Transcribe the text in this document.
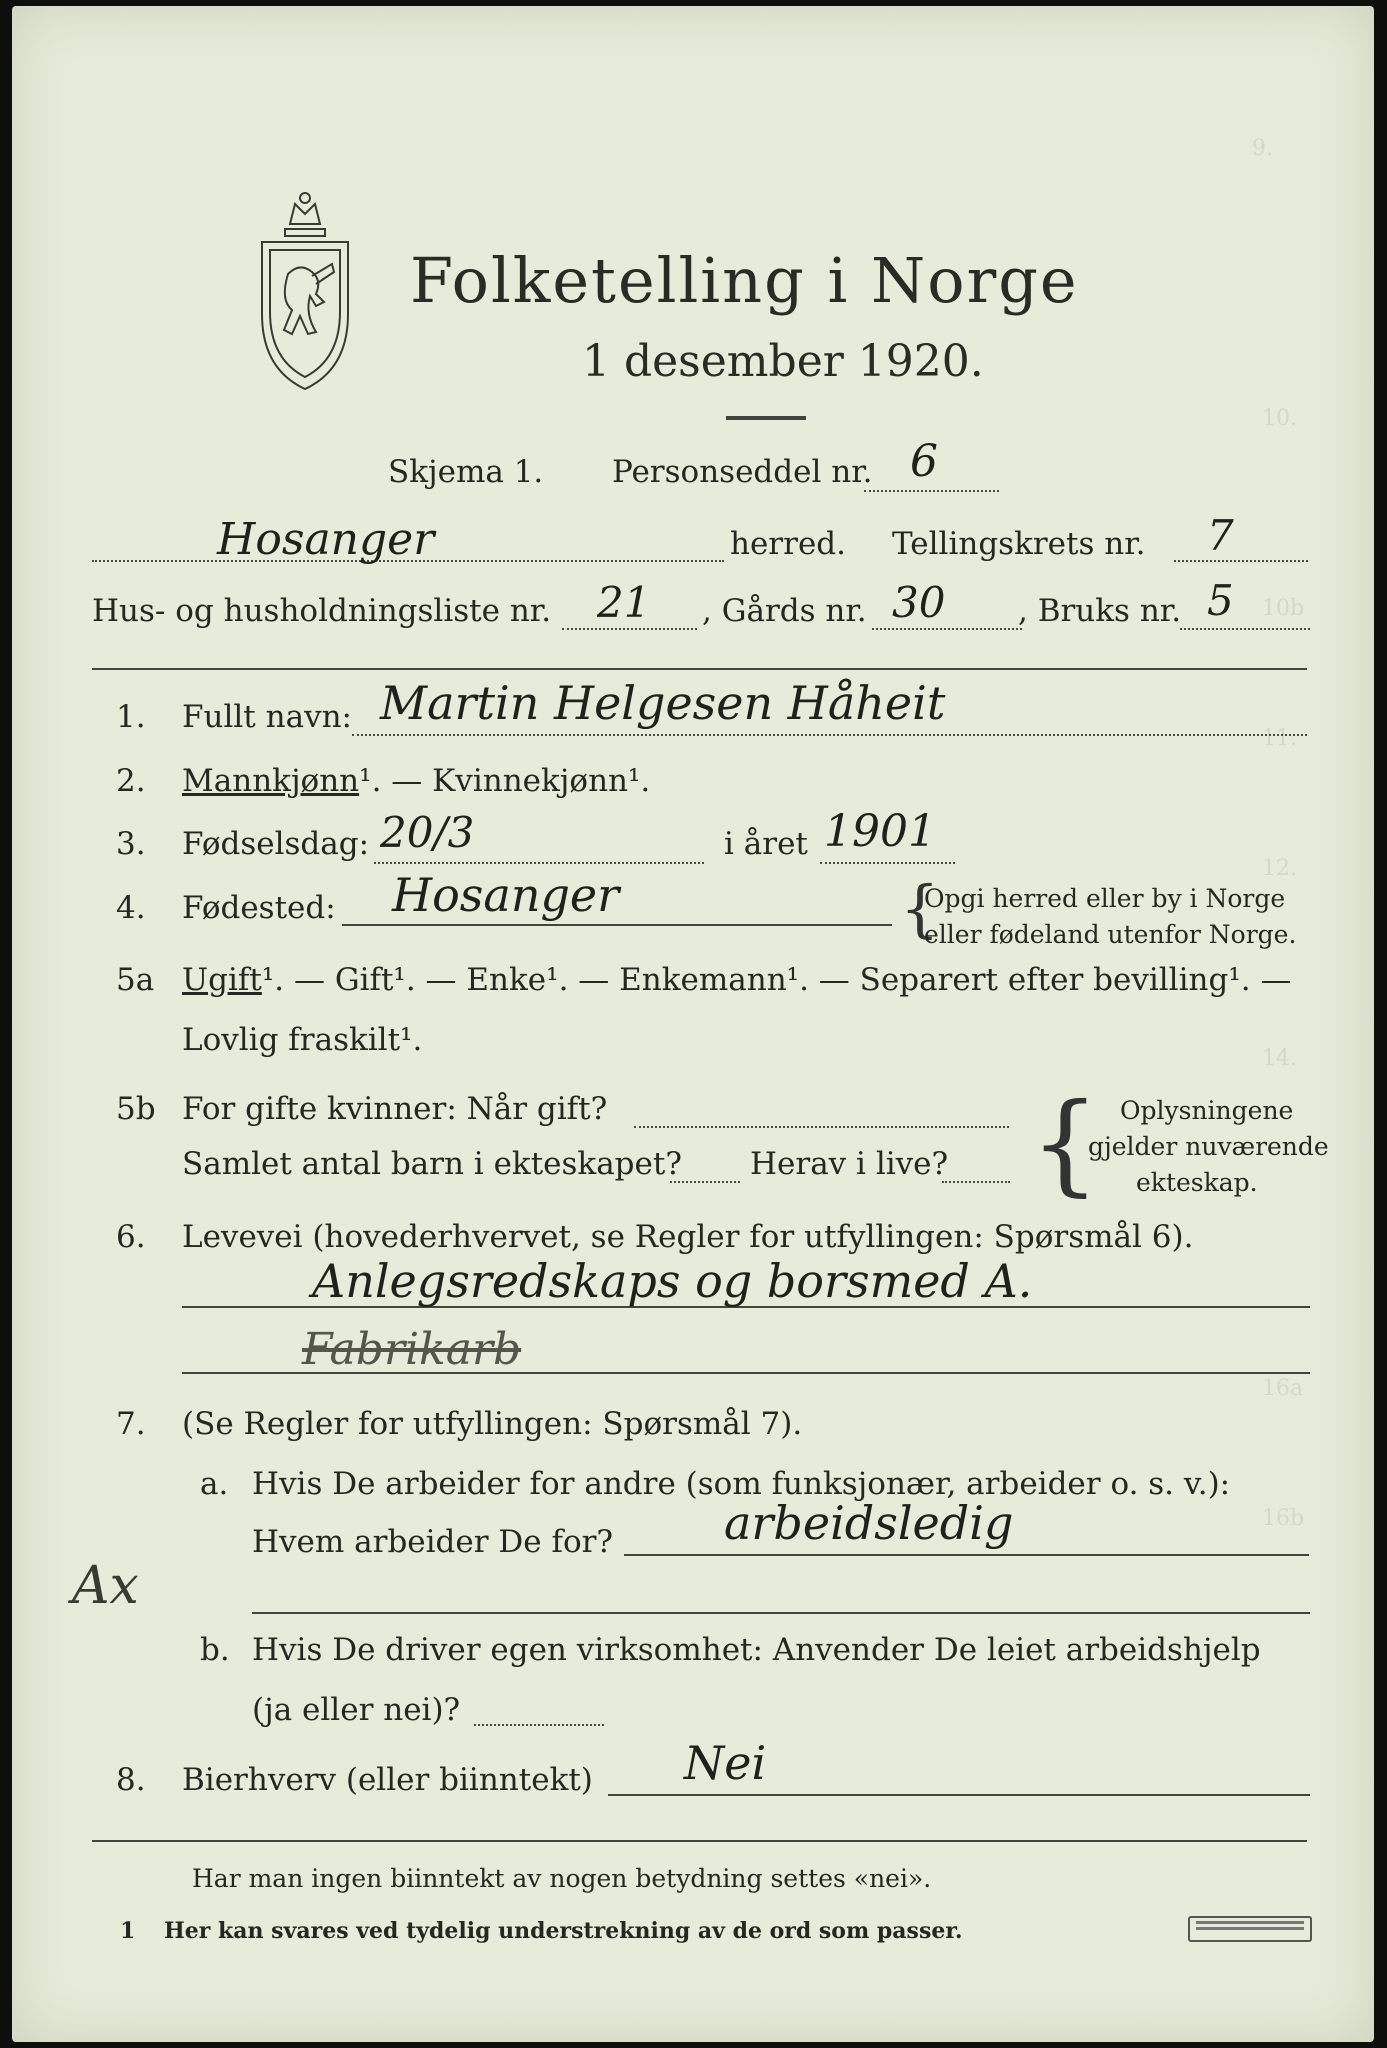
9.

10.
10b
11.
12.
14.
16a
16b
Folketelling i Norge
1 desember 1920.
Skjema 1. Personseddel nr. 6
Hosanger	herred. Tellingskrets nr. 7
Hus- og husholdningsliste nr. 21 , Gårds nr. 30 , Bruks nr. 5
1. Fullt navn: Martin Helgesen Håheit
2. Mannkjønn¹. — Kvinnekjønn¹.
3. Fødselsdag: 20/3	i året 1901
4. Fødested: Hosanger	{
Opgi herred eller by i Norge
eller fødeland utenfor Norge.
5a Ugift¹. — Gift¹. — Enke¹. — Enkemann¹. — Separert efter bevilling¹. —
Lovlig fraskilt¹.
5b For gifte kvinner: Når gift?
Samlet antal barn i ekteskapet? Herav i live? { Oplysningene
gjelder nuværende
ekteskap.
6. Levevei (hovederhvervet, se Regler for utfyllingen: Spørsmål 6).
Anlegsredskaps og borsmed A.
Fabrikarb
7. (Se Regler for utfyllingen: Spørsmål 7).
a. Hvis De arbeider for andre (som funksjonær, arbeider o. s. v.):
Hvem arbeider De for? arbeidsledig
Ax
b. Hvis De driver egen virksomhet: Anvender De leiet arbeidshjelp
(ja eller nei)?
8. Bierhverv (eller biinntekt) Nei
Har man ingen biinntekt av nogen betydning settes «nei».
1 Her kan svares ved tydelig understrekning av de ord som passer.
